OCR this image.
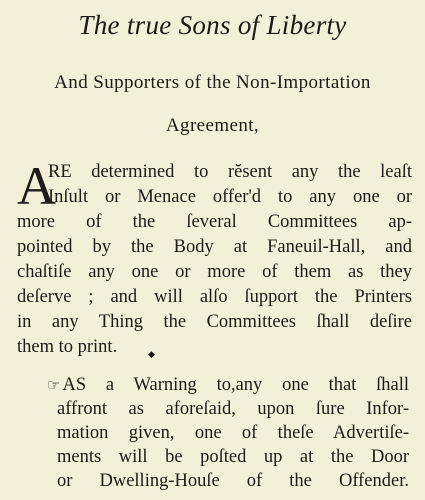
The true Sons of Liberty
And Supporters of the Non-Importation
Agreement,
A
RE determined to rĕsent any the leaſt
Inſult or Menace offer'd to any one or
more of the ſeveral Committees ap-
pointed by the Body at Faneuil-Hall, and
chaſtiſe any one or more of them as they
deſerve ; and will alſo ſupport the Printers
in any Thing the Committees ſhall deſire
them to print.	◆
☞ AS a Warning to,any one that ſhall
affront as aforeſaid, upon ſure Infor-
mation given, one of theſe Advertiſe-
ments will be poſted up at the Door
or Dwelling-Houſe of the Offender.
